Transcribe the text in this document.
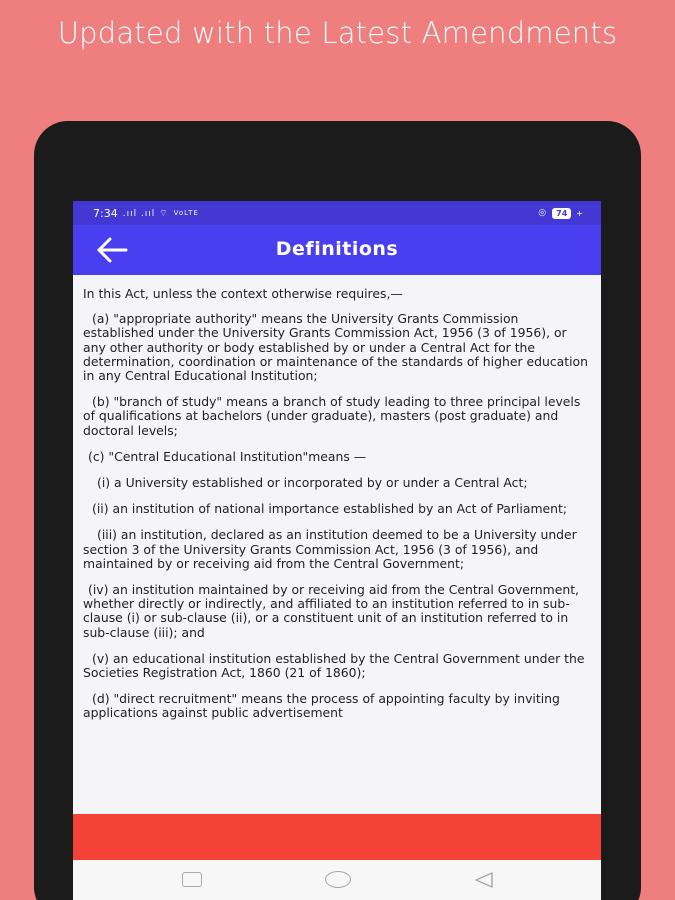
Updated with the Latest Amendments
7:34 .ııl .ııl ⌔ VoLTE	◎	74	+
Definitions

In this Act, unless the context otherwise requires,—

(a) "appropriate authority" means the University Grants Commission established under the University Grants Commission Act, 1956 (3 of 1956), or any other authority or body established by or under a Central Act for the determination, coordination or maintenance of the standards of higher education in any Central Educational Institution;

(b) "branch of study" means a branch of study leading to three principal levels of qualifications at bachelors (under graduate), masters (post graduate) and doctoral levels;

(c) "Central Educational Institution"means —

(i) a University established or incorporated by or under a Central Act;

(ii) an institution of national importance established by an Act of Parliament;

(iii) an institution, declared as an institution deemed to be a University under section 3 of the University Grants Commission Act, 1956 (3 of 1956), and maintained by or receiving aid from the Central Government;

(iv) an institution maintained by or receiving aid from the Central Government, whether directly or indirectly, and affiliated to an institution referred to in sub-clause (i) or sub-clause (ii), or a constituent unit of an institution referred to in sub-clause (iii); and

(v) an educational institution established by the Central Government under the Societies Registration Act, 1860 (21 of 1860);

(d) "direct recruitment" means the process of appointing faculty by inviting applications against public advertisement
